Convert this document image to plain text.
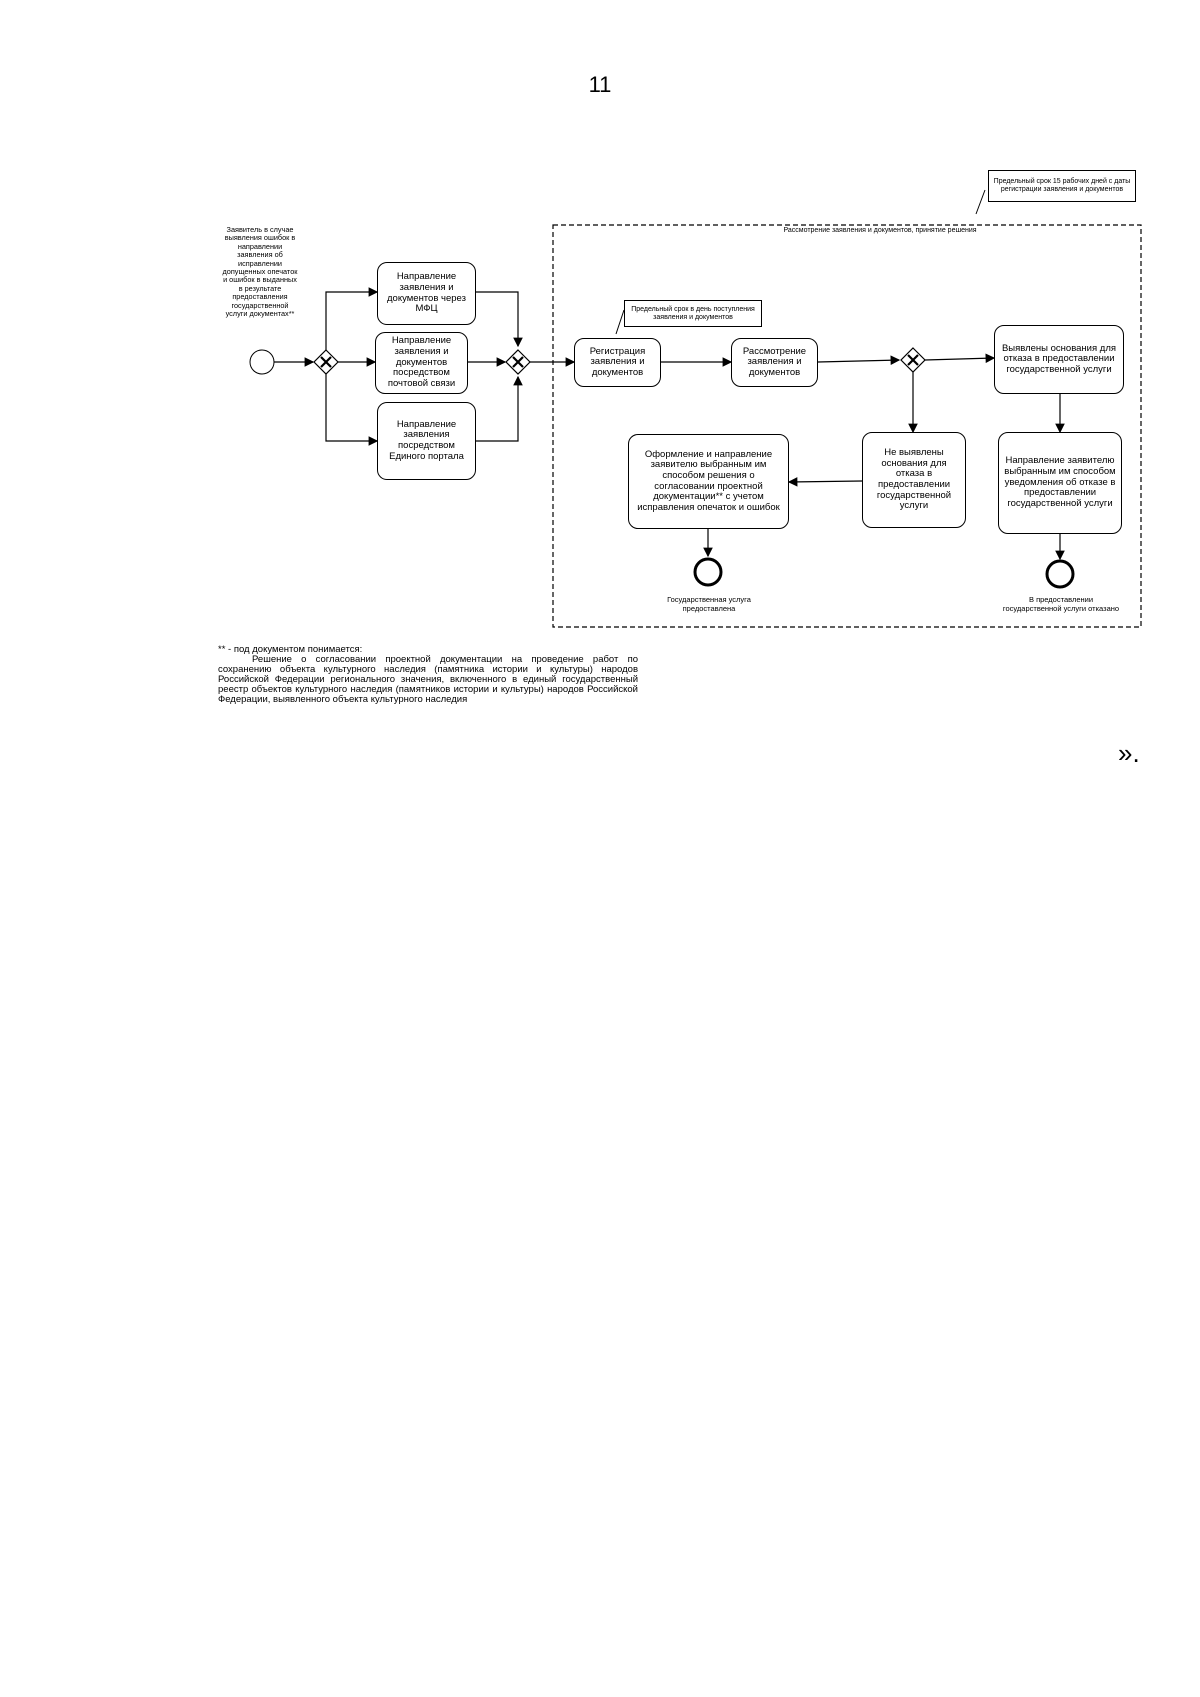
11
Предельный срок 15 рабочих дней с даты регистрации заявления и документов
Предельный срок в день поступления заявления и документов
Рассмотрение заявления и документов, принятие решения
Заявитель в случае выявления ошибок в направлении заявления об исправлении допущенных опечаток и ошибок в выданных в результате предоставления государственной услуги документах**
Направление заявления и документов через МФЦ
Направление заявления и документов посредством почтовой связи
Направление заявления посредством Единого портала
Регистрация заявления и документов
Рассмотрение заявления и документов
Выявлены основания для отказа в предоставлении государственной услуги
Направление заявителю выбранным им способом уведомления об отказе в предоставлении государственной услуги
Не выявлены основания для отказа в предоставлении государственной услуги
Оформление и направление заявителю выбранным им способом решения о согласовании проектной документации** с учетом исправления опечаток и ошибок
Государственная услуга предоставлена
В предоставлении государственной услуги отказано
** - под документом понимается:

Решение о согласовании проектной документации на проведение работ по сохранению объекта культурного наследия (памятника истории и культуры) народов Российской Федерации регионального значения, включенного в единый государственный реестр объектов культурного наследия (памятников истории и культуры) народов Российской Федерации, выявленного объекта культурного наследия

».
